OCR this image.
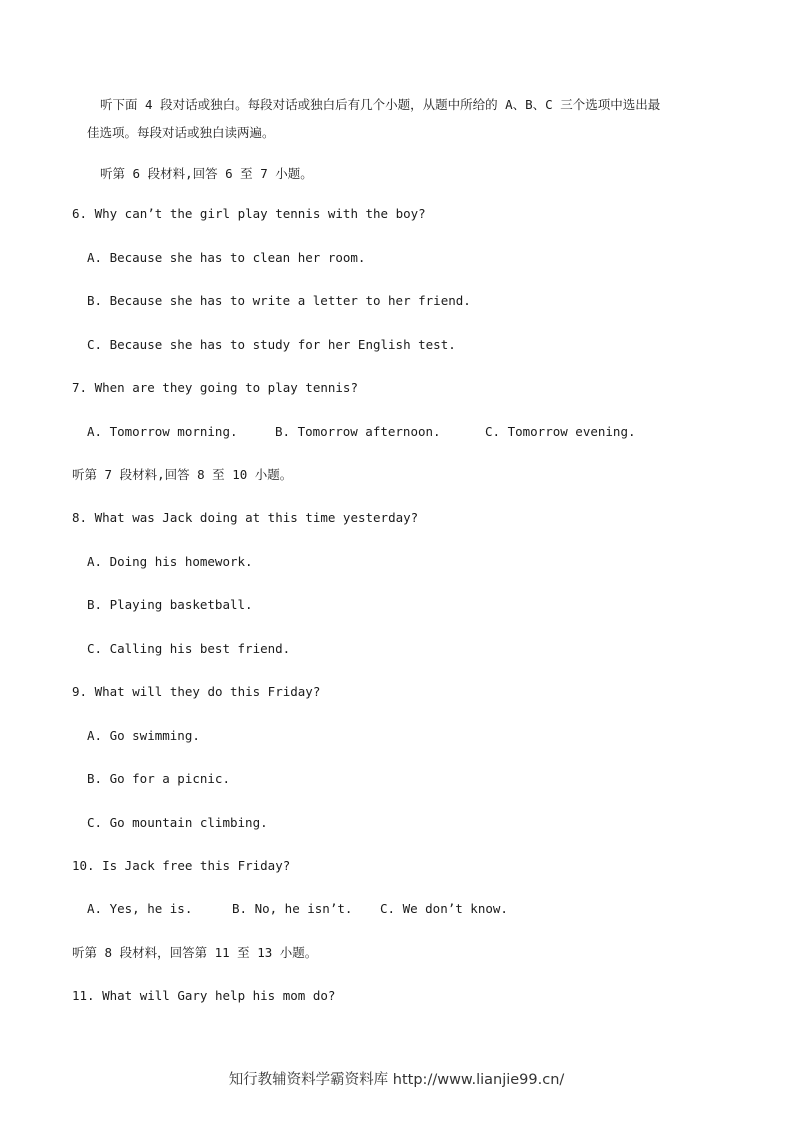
听下面 4 段对话或独白。每段对话或独白后有几个小题，从题中所给的 A、B、C 三个选项中选出最
佳选项。每段对话或独白读两遍。
听第 6 段材料,回答 6 至 7 小题。
6. Why can’t the girl play tennis with the boy?
A. Because she has to clean her room.
B. Because she has to write a letter to her friend.
C. Because she has to study for her English test.
7. When are they going to play tennis?
A. Tomorrow morning.	B. Tomorrow afternoon.	C. Tomorrow evening.
听第 7 段材料,回答 8 至 10 小题。
8. What was Jack doing at this time yesterday?
A. Doing his homework.
B. Playing basketball.
C. Calling his best friend.
9. What will they do this Friday?
A. Go swimming.
B. Go for a picnic.
C. Go mountain climbing.
10. Is Jack free this Friday?
A. Yes, he is.	B. No, he isn’t. C. We don’t know.
听第 8 段材料，回答第 11 至 13 小题。
11. What will Gary help his mom do?
知行教辅资料学霸资料库 http://www.lianjie99.cn/
